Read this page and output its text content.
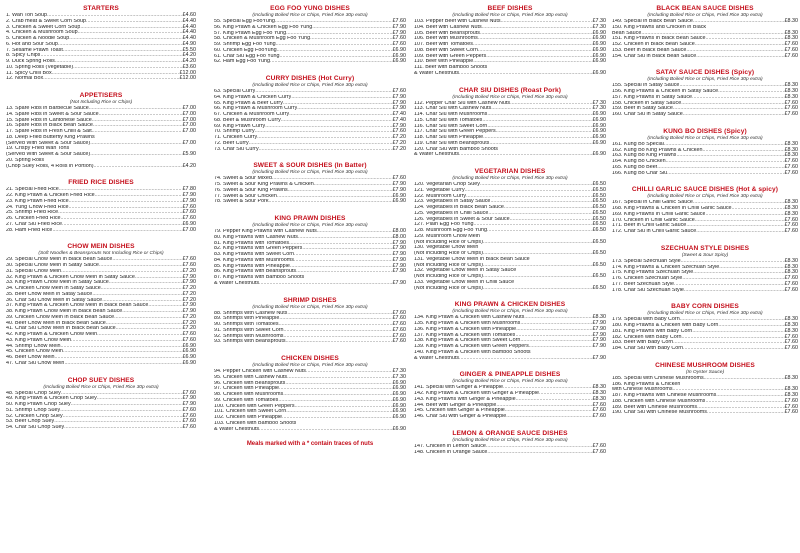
STARTERS
1. Wan Ton Soup .....	£4.60
2. Crab meat & Sweet Corn Soup .....	£4.40
3. Chicken & Sweet Corn Soup .....	£4.40
4. Chicken & Mushroom Soup .....	£4.40
5. Chicken & Noodle Soup .....	£4.40
6. Hot and Sour Soup .....	£4.90
7. Sesame Prawn Toast .....	£5.50
8. Spicy Chips .....	£4.20
9. Duck Spring Rolls .....	£4.20
10. Spring Rolls (Vegetable) .....	£3.60
11. Spicy Chilli Box .....	£12.00
12. Normal Box .....	£12.00
APPETISERS
(Not Including Rice or Chips)
13. Spare Ribs in Barbecue Sauce .....	£7.00
14. Spare Ribs in Sweet & Sour Sauce .....	£7.00
15. Spare Ribs in Cantonese Sauce .....	£7.00
16. Spare Ribs in Black Bean Sauce .....	£7.00
17. Spare Ribs in Fresh Chilli & Salt .....	£7.00
18. Deep Fried Butterfly King Prawns
(Served With Sweet & Sour Sauce) .....	£7.00
19. Crispy Fried Wan Tons
(Served With Sweet & Sour Sauce) .....	£5.90
20. Spring Rolls
(Chop Suey Rolls, 4 Rolls in Portion) .....	£4.20
FRIED RICE DISHES
21. Special Fried Rice .....	£7.80
22. King Prawn & Chicken Fried Rice .....	£7.90
23. King Prawn Fried Rice .....	£7.90
24. Yung Chow Fried Rice .....	£7.60
25. Shrimp Fried Rice .....	£7.60
26. Chicken Fried Rice .....	£7.60
27. Char Siu Fried Rice .....	£6.90
28. Ham Fried Rice .....	£7.00
CHOW MEIN DISHES
(Soft Noodles & Beansprouts Not Including Rice or Chips)
29. Special Chow Mein in Black Bean Sauce .....	£7.60
30. Special Chow Mein in Satay Sauce .....	£7.60
31. Special Chow Mein .....	£7.20
32. King Prawn & Chicken Chow Mein in Satay Sauce .....	£7.90
33. King Prawn Chow Mein in Satay Sauce .....	£7.90
34. Chicken Chow Mein in Satay Sauce .....	£7.20
35. Beef Chow Mein in Satay Sauce .....	£7.20
36. Char Siu Chow Mein in Satay Sauce .....	£7.20
37. King Prawn & Chicken Chow Mein in Black Bean Sauce .....	£7.90
38. King Prawn Chow Mein in Black Bean Sauce .....	£7.90
39. Chicken Chow Mein in Black Bean Sauce .....	£7.20
40. Beef Chow Mein in Black Bean Sauce .....	£7.20
41. Char Siu Chow Mein in Black Bean Sauce .....	£7.20
42. King Prawn & Chicken Chow Mein .....	£7.60
43. King Prawn Chow Mein .....	£7.60
44. Shrimp Chow Mein .....	£6.90
45. Chicken Chow Mein .....	£6.90
46. Beef Chow Mein .....	£6.90
47. Char Siu Chow Mein .....	£6.90
CHOP SUEY DISHES
(Including Boiled Rice or Chips, Fried Rice 30p extra)
48. Special Chop Suey .....	£7.60
49. King Prawn & Chicken Chop Suey .....	£7.90
50. King Prawn Chop Suey .....	£7.90
51. Shrimp Chop Suey .....	£7.60
52. Chicken Chop Suey .....	£7.60
53. Beef Chop Suey .....	£7.60
54. Char Siu Chop Suey .....	£7.60
EGG FOO YUNG DISHES
(Including Boiled Rice or Chips, Fried Rice 30p extra)
55. Special Egg FooYung .....	£7.60
56. King Prawn & Chicken Egg Foo Yung .....	£7.90
57. King Prawn Egg Foo Yung .....	£7.90
58. Chicken & Mushroom Egg Foo Yung .....	£7.60
59. Shrimp Egg Foo Yung .....	£7.60
60. Chicken Egg FooYung .....	£6.90
61. Char Siu Egg Foo Yung .....	£6.90
62. Ham Egg Foo Yung .....	£6.90
CURRY DISHES (Hot Curry)
(Including Boiled Rice or Chips, Fried Rice 30p extra)
63. Special Curry .....	£7.60
64. King Prawn & Chicken Curry .....	£7.90
65. King Prawn & Beef Curry .....	£7.90
66. King Prawn & Mushroom Curry .....	£7.90
67. Chicken & Mushroom Curry .....	£7.40
68. Beef & Mushroom Curry .....	£7.40
69. King Prawn Curry .....	£7.90
70. Shrimp Curry .....	£7.60
71. Chicken Curry .....	£7.20
72. Beef Curry .....	£7.20
73. Char Siu Curry .....	£7.20
SWEET & SOUR DISHES (In Batter)
(Including Boiled Rice or Chips, Fried Rice 30p extra)
74. Sweet & Sour Mixed .....	£7.60
75. Sweet & Sour King Prawns & Chicken .....	£7.90
76. Sweet & Sour King Prawns .....	£7.90
77. Sweet & Sour Chicken .....	£6.90
78. Sweet & Sour Pork .....	£6.90
KING PRAWN DISHES
(Including Boiled Rice or Chips, Fried Rice 30p extra)
79. Pepper King Prawns with Cashew Nuts .....	£8.00
80. King Prawns with Cashew Nuts .....	£8.00
81. King Prawns with Tomatoes .....	£7.90
82. King Prawns with Green Peppers .....	£7.90
83. King Prawns with Sweet Corn .....	£7.90
84. King Prawns with Mushrooms .....	£7.90
85. King Prawns with Pineapple .....	£7.90
86. King Prawns with Beansprouts .....	£7.90
87. King Prawns with Bamboo Shoots
& Water Chestnuts .....	£7.90
SHRIMP DISHES
(Including Boiled Rice or Chips, Fried Rice 30p extra)
88. Shrimps with Cashew Nuts .....	£7.60
89. Shrimps with Pineapple .....	£7.60
90. Shrimps with Tomatoes .....	£7.60
91. Shrimps with Sweet Corn .....	£7.60
92. Shrimps with Mushrooms .....	£7.60
93. Shrimps with Beansprouts .....	£7.60
CHICKEN DISHES
(Including Boiled Rice or Chips, Fried Rice 30p extra)
94. Pepper Chicken with Cashew Nuts .....	£7.30
95. Chicken with Cashew Nuts .....	£7.30
96. Chicken with Beansprouts .....	£6.90
97. Chicken with Pineapple .....	£6.90
98. Chicken with Mushrooms .....	£6.90
99. Chicken with Tomatoes .....	£6.90
100. Chicken with Green Peppers .....	£6.90
101. Chicken with Sweet Corn .....	£6.90
102. Chicken with Pineapple .....	£6.90
103. Chicken with Bamboo Shoots
& Water Chestnuts .....	£6.90
Meals marked with a * contain traces of nuts
BEEF DISHES
(Including Boiled Rice or Chips, Fried Rice 30p extra)
103. Pepper Beef with Cashew Nuts .....	£7.30
104. Beef with Cashew Nuts .....	£7.30
105. Beef with Beansprouts .....	£6.90
106. Beef with Mushrooms .....	£6.90
107. Beef with Tomatoes .....	£6.90
108. Beef with Sweet Corn .....	£6.90
109. Beef with Green Peppers .....	£6.90
110. Beef with Pineapple .....	£6.90
111. Beef with Bamboo Shoots
& Water Chestnuts .....	£6.90
CHAR SIU DISHES (Roast Pork)
(Including Boiled Rice or Chips, Fried Rice 30p extra)
112. Pepper Char Siu with Cashew Nuts .....	£7.30
113. Char Siu with Cashew Nuts .....	£7.30
114. Char Siu with Mushrooms .....	£6.90
115. Char Siu with Tomatoes .....	£6.90
116. Char Siu with Sweet Corn .....	£6.90
117. Char Siu with Green Peppers .....	£6.90
118. Char Siu with Pineapple .....	£6.90
119. Char Siu with Beansprouts .....	£6.90
120. Char Siu with Bamboo Shoots
& Water Chestnuts .....	£6.90
VEGETARIAN DISHES
(Including Boiled Rice or Chips, Fried Rice 30p extra)
120. Vegetarian Chop Suey .....	£6.50
121. Vegetable Curry .....	£6.50
122. Mushroom Curry .....	£6.50
123. Vegetables in Satay Sauce .....	£6.50
124. Vegetables in Black Bean Sauce .....	£6.50
125. Vegetables in Chilli Sauce .....	£6.50
126. Vegetables in Sweet & Sour Sauce .....	£6.50
127. Plain Egg Foo Yung .....	£6.50
128. Mushroom Egg Foo Yung .....	£6.50
129. Mushroom Chow Mein
(Not Including Rice or Chips) .....	£6.50
130. Vegetable Chow Mein
(Not Including Rice or Chips) .....	£6.50
131. Vegetable Chow Mein in Black Bean Sauce
(Not Including Rice or Chips) .....	£6.50
132. Vegetable Chow Mein in Satay Sauce
(Not Including Rice or Chips) .....	£6.50
133. Vegetable Chow Mein in Chilli Sauce
(Not Including Rice or Chips) .....	£6.50
KING PRAWN & CHICKEN DISHES
(Including Boiled Rice or Chips, Fried Rice 30p extra)
134. King Prawn & Chicken with Cashew Nuts .....	£8.30
135. King Prawn & Chicken with Mushrooms .....	£7.90
136. King Prawn & Chicken with Pineapple .....	£7.90
137. King Prawn & Chicken with Tomatoes .....	£7.90
138. King Prawn & Chicken with Sweet Corn .....	£7.90
139. King Prawn & Chicken with Green Peppers .....	£7.90
140. King Prawn & Chicken with Bamboo Shoots
& Water Chestnuts .....	£7.90
GINGER & PINEAPPLE DISHES
(Including Boiled Rice or Chips, Fried Rice 30p extra)
141. Special with Ginger & Pineapple .....	£8.30
142. King Prawn & Chicken with Ginger & Pineapple .....	£8.30
143. King Prawns with Ginger & Pineapple .....	£8.30
144. Beef with Ginger & Pineapple .....	£7.60
145. Chicken with Ginger & Pineapple .....	£7.60
146. Char Siu with Ginger & Pineapple .....	£7.60
LEMON & ORANGE SAUCE DISHES
(Including Boiled Rice or Chips, Fried Rice 30p extra)
147. Chicken in Lemon Sauce .....	£7.60
148. Chicken in Orange Sauce .....	£7.60
BLACK BEAN SAUCE DISHES
(Including Boiled Rice or Chips, Fried Rice 30p extra)
149. Special in Black Bean Sauce .....	£8.30
150. King Prawns and Chicken in Black
Bean Sauce .....	£8.30
151. King Prawns in Black Bean Sauce .....	£8.30
152. Chicken in Black Bean Sauce .....	£7.60
153. Beef in Black Bean Sauce .....	£7.60
154. Char Siu in Black Bean Sauce .....	£7.60
SATAY SAUCE DISHES (Spicy)
(Including Boiled Rice or Chips, Fried Rice 30p extra)
155. Special in Satay Sauce .....	£8.30
156. King Prawns & Chicken in Satay Sauce .....	£8.30
157. King Prawns in Satay Sauce .....	£8.30
158. Chicken in Satay Sauce .....	£7.60
159. Beef in Satay Sauce .....	£7.60
160. Char Siu in Satay Sauce .....	£7.60
KUNG BO DISHES (Spicy)
(Including Boiled Rice or Chips, Fried Rice 30p extra)
161. Kung Bo Special .....	£8.30
162. Kung Bo King Prawns & Chicken .....	£8.30
163. Kung Bo King Prawns .....	£8.30
164. Kung Bo Chicken .....	£7.60
165. Kung Bo Beef .....	£7.60
166. Kung Bo Char Siu .....	£7.60
CHILLI GARLIC SAUCE DISHES (Hot & spicy)
(Including Boiled Rice or Chips, Fried Rice 30p extra)
167. Special in Chilli Garlic Sauce .....	£8.30
168. King Prawns & Chicken in Chilli Garlic Sauce .....	£8.30
169. King Prawns in Chilli Garlic Sauce .....	£8.30
170. Chicken in Chilli Garlic Sauce .....	£7.60
171. Beef in Chilli Garlic Sauce .....	£7.60
172. Char Siu in Chilli Garlic Sauce .....	£7.60
SZECHUAN STYLE DISHES
(Sweet & Sour Spicy)
173. Special Szechuan Style .....	£8.30
174. King Prawns & Chicken Szechuan Style .....	£8.30
175. King Prawns Szechuan Style .....	£8.30
176. Chicken Szechuan Style .....	£7.60
177. Beef Szechuan Style .....	£7.60
178. Char Siu Szechuan Style .....	£7.60
BABY CORN DISHES
(Including Boiled Rice or Chips, Fried Rice 30p extra)
179. Special with Baby Corn .....	£8.30
180. King Prawns & Chicken with Baby Corn .....	£8.30
181. King Prawns with Baby Corn .....	£8.30
182. Chicken with Baby Corn .....	£7.60
183. Beef with Baby Corn .....	£7.60
184. Char Siu with Baby Corn .....	£7.60
CHINESE MUSHROOM DISHES
(In Oyster Sauce)
185. Special with Chinese Mushrooms .....	£8.30
186. King Prawns & Chicken
with Chinese Mushrooms .....	£8.30
187. King Prawns with Chinese Mushrooms .....	£8.30
188. Chicken with Chinese Mushrooms .....	£7.60
189. Beef with Chinese Mushrooms .....	£7.60
190. Char Siu with Chinese Mushrooms .....	£7.60
